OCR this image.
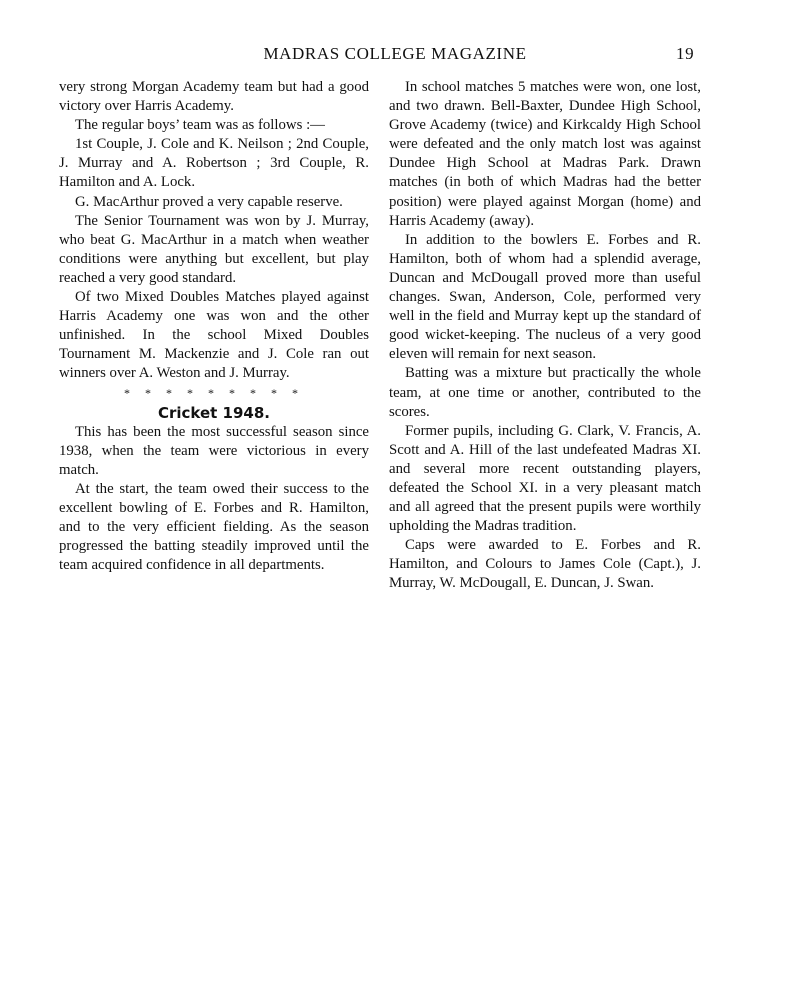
MADRAS COLLEGE MAGAZINE	19

very strong Morgan Academy team but had a good victory over Harris Academy.

The regular boys’ team was as follows :—

1st Couple, J. Cole and K. Neilson ; 2nd Couple, J. Murray and A. Robertson ; 3rd Couple, R. Hamilton and A. Lock.

G. MacArthur proved a very capable reserve.

The Senior Tournament was won by J. Murray, who beat G. MacArthur in a match when weather conditions were anything but excellent, but play reached a very good standard.

Of two Mixed Doubles Matches played against Harris Academy one was won and the other unfinished. In the school Mixed Doubles Tournament M. Mackenzie and J. Cole ran out winners over A. Weston and J. Murray.

* * * * * * * * *

Cricket 1948.

This has been the most successful season since 1938, when the team were victorious in every match.

At the start, the team owed their success to the excellent bowling of E. Forbes and R. Hamilton, and to the very efficient fielding. As the season progressed the batting steadily improved until the team acquired confidence in all departments.

In school matches 5 matches were won, one lost, and two drawn. Bell-Baxter, Dundee High School, Grove Academy (twice) and Kirkcaldy High School were defeated and the only match lost was against Dundee High School at Madras Park. Drawn matches (in both of which Madras had the better position) were played against Morgan (home) and Harris Academy (away).

In addition to the bowlers E. Forbes and R. Hamilton, both of whom had a splendid average, Duncan and McDougall proved more than useful changes. Swan, Anderson, Cole, performed very well in the field and Murray kept up the standard of good wicket-keeping. The nucleus of a very good eleven will remain for next season.

Batting was a mixture but practically the whole team, at one time or another, contributed to the scores.

Former pupils, including G. Clark, V. Francis, A. Scott and A. Hill of the last undefeated Madras XI. and several more recent outstanding players, defeated the School XI. in a very pleasant match and all agreed that the present pupils were worthily upholding the Madras tradition.

Caps were awarded to E. Forbes and R. Hamilton, and Colours to James Cole (Capt.), J. Murray, W. McDougall, E. Duncan, J. Swan.
